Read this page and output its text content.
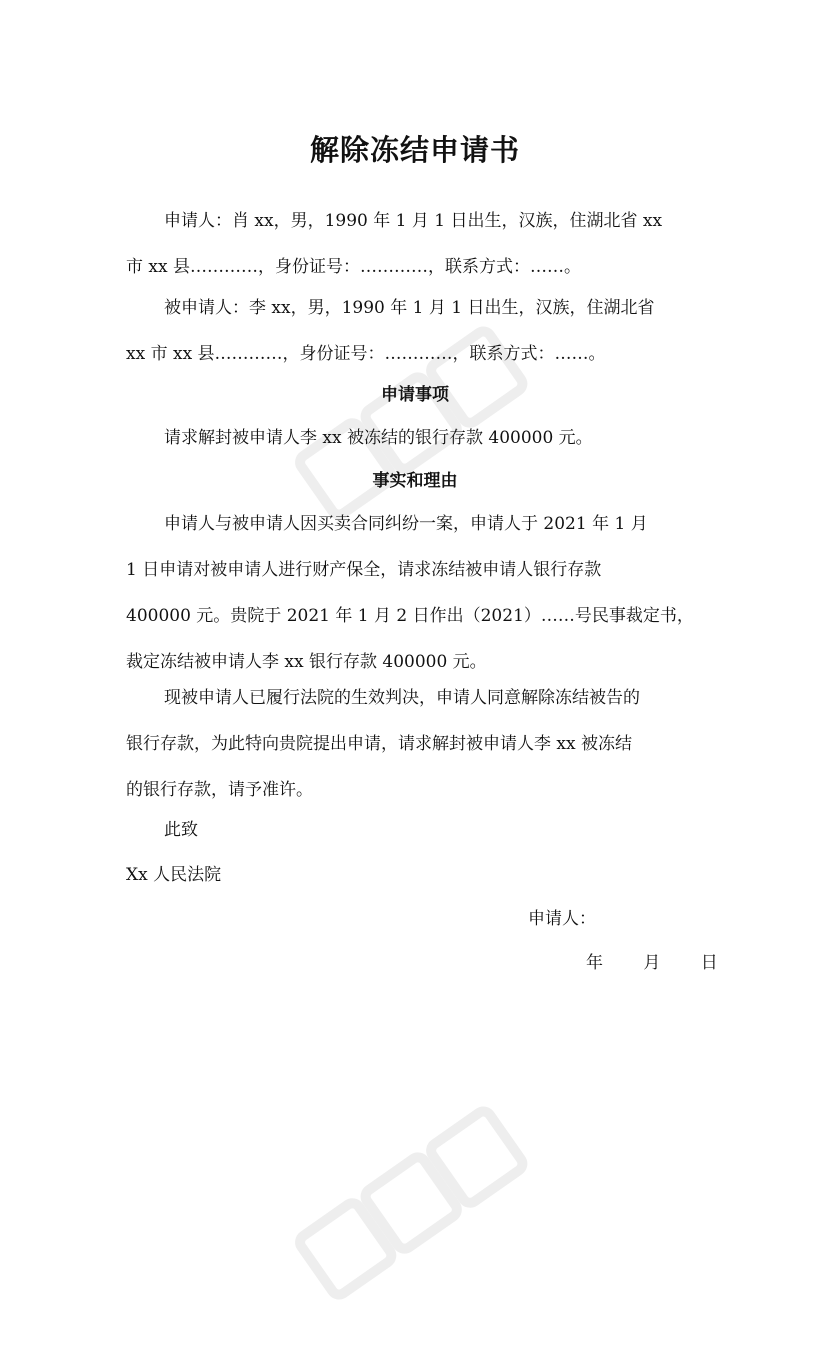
解除冻结申请书
申请人：肖 xx，男，1990 年 1 月 1 日出生，汉族，住湖北省 xx
市 xx 县…………，身份证号：…………，联系方式：……。
被申请人：李 xx，男，1990 年 1 月 1 日出生，汉族，住湖北省
xx 市 xx 县…………，身份证号：…………，联系方式：……。
申请事项
请求解封被申请人李 xx 被冻结的银行存款 400000 元。
事实和理由
申请人与被申请人因买卖合同纠纷一案，申请人于 2021 年 1 月
1 日申请对被申请人进行财产保全，请求冻结被申请人银行存款
400000 元。贵院于 2021 年 1 月 2 日作出（2021）……号民事裁定书，
裁定冻结被申请人李 xx 银行存款 400000 元。
现被申请人已履行法院的生效判决，申请人同意解除冻结被告的
银行存款，为此特向贵院提出申请，请求解封被申请人李 xx 被冻结
的银行存款，请予准许。
此致
Xx 人民法院
申请人：
年　 月　 日
